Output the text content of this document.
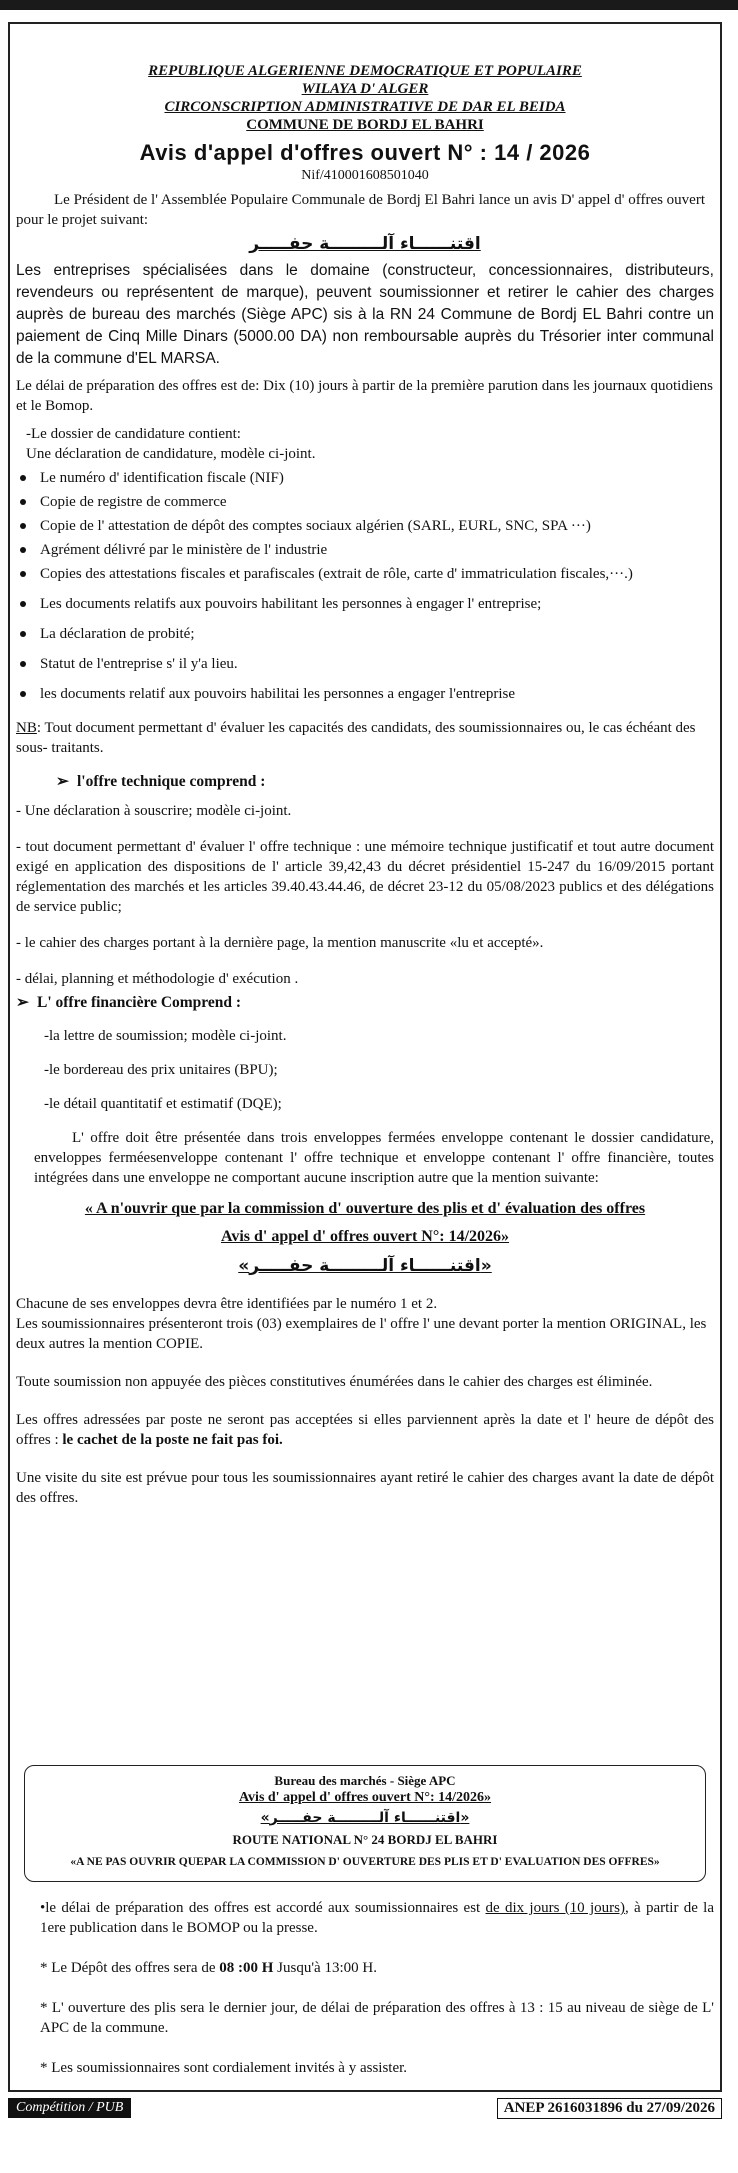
REPUBLIQUE ALGERIENNE DEMOCRATIQUE ET POPULAIRE

WILAYA D' ALGER

CIRCONSCRIPTION ADMINISTRATIVE DE DAR EL BEIDA

COMMUNE DE BORDJ EL BAHRI

Avis d'appel d'offres ouvert N° : 14 / 2026
Nif/410001608501040

Le Président de l' Assemblée Populaire Communale de Bordj El Bahri lance un avis D' appel d' offres ouvert pour le projet suivant:

اقتنــــــاء آلـــــــــة حفـــــر

Les entreprises spécialisées dans le domaine (constructeur, concessionnaires, distributeurs, revendeurs ou représentent de marque), peuvent soumissionner et retirer le cahier des charges auprès de bureau des marchés (Siège APC) sis à la RN 24 Commune de Bordj EL Bahri contre un paiement de Cinq Mille Dinars (5000.00 DA) non remboursable auprès du Trésorier inter communal de la commune d'EL MARSA.

Le délai de préparation des offres est de: Dix (10) jours à partir de la première parution dans les journaux quotidiens et le Bomop.

-Le dossier de candidature contient:

Une déclaration de candidature, modèle ci-joint.

Le numéro d' identification fiscale (NIF)
Copie de registre de commerce
Copie de l' attestation de dépôt des comptes sociaux algérien (SARL, EURL, SNC, SPA ···)
Agrément délivré par le ministère de l' industrie
Copies des attestations fiscales et parafiscales (extrait de rôle, carte d' immatriculation fiscales,···.)
Les documents relatifs aux pouvoirs habilitant les personnes à engager l' entreprise;
La déclaration de probité;
Statut de l'entreprise s' il y'a lieu.
les documents relatif aux pouvoirs habilitai les personnes a engager l'entreprise

NB: Tout document permettant d' évaluer les capacités des candidats, des soumissionnaires ou, le cas échéant des sous- traitants.

➢ l'offre technique comprend :

- Une déclaration à souscrire; modèle ci-joint.

- tout document permettant d' évaluer l' offre technique : une mémoire technique justificatif et tout autre document exigé en application des dispositions de l' article 39,42,43 du décret présidentiel 15-247 du 16/09/2015 portant réglementation des marchés et les articles 39.40.43.44.46, de décret 23-12 du 05/08/2023 publics et des délégations de service public;

- le cahier des charges portant à la dernière page, la mention manuscrite «lu et accepté».

- délai, planning et méthodologie d' exécution .

➢ L' offre financière Comprend :

-la lettre de soumission; modèle ci-joint.

-le bordereau des prix unitaires (BPU);

-le détail quantitatif et estimatif (DQE);

L' offre doit être présentée dans trois enveloppes fermées enveloppe contenant le dossier candidature, enveloppes ferméesenveloppe contenant l' offre technique et enveloppe contenant l' offre financière, toutes intégrées dans une enveloppe ne comportant aucune inscription autre que la mention suivante:

« A n'ouvrir que par la commission d' ouverture des plis et d' évaluation des offres
Avis d' appel d' offres ouvert N°: 14/2026»
«اقتنــــــاء آلـــــــــة حفـــــر»

Chacune de ses enveloppes devra être identifiées par le numéro 1 et 2.

Les soumissionnaires présenteront trois (03) exemplaires de l' offre l' une devant porter la mention ORIGINAL, les deux autres la mention COPIE.

Toute soumission non appuyée des pièces constitutives énumérées dans le cahier des charges est éliminée.

Les offres adressées par poste ne seront pas acceptées si elles parviennent après la date et l' heure de dépôt des offres : le cachet de la poste ne fait pas foi.

Une visite du site est prévue pour tous les soumissionnaires ayant retiré le cahier des charges avant la date de dépôt des offres.

Bureau des marchés - Siège APC

Avis d' appel d' offres ouvert N°: 14/2026»

«اقتنــــــاء آلـــــــــة حفـــــر»

ROUTE NATIONAL N° 24 BORDJ EL BAHRI

«A NE PAS OUVRIR QUEPAR LA COMMISSION D' OUVERTURE DES PLIS ET D' EVALUATION DES OFFRES»

•le délai de préparation des offres est accordé aux soumissionnaires est de dix jours (10 jours), à partir de la 1ere publication dans le BOMOP ou la presse.

* Le Dépôt des offres sera de 08 :00 H Jusqu'à 13:00 H.

* L' ouverture des plis sera le dernier jour, de délai de préparation des offres à 13 : 15 au niveau de siège de L' APC de la commune.

* Les soumissionnaires sont cordialement invités à y assister.

Compétition / PUB	ANEP 2616031896 du 27/09/2026
